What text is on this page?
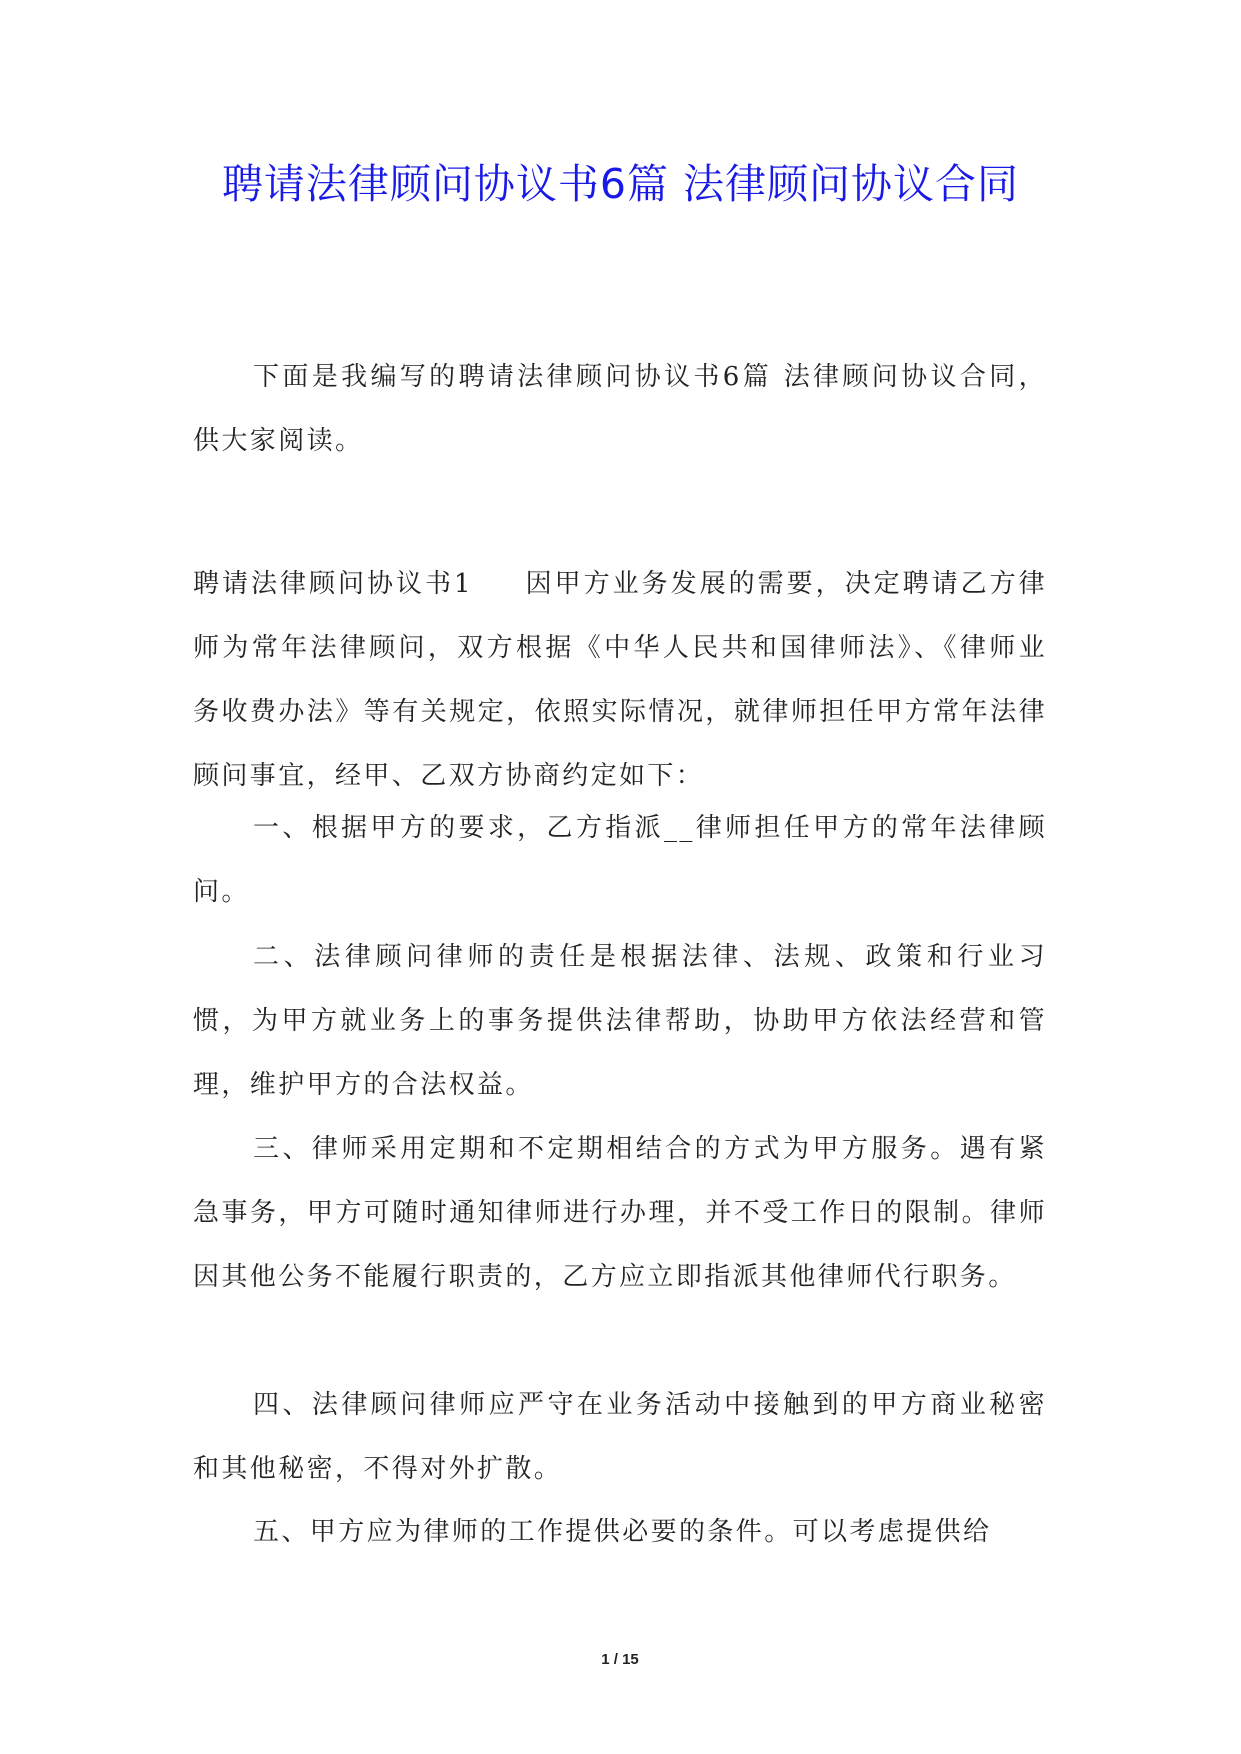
聘请法律顾问协议书6篇 法律顾问协议合同

下面是我编写的聘请法律顾问协议书6篇 法律顾问协议合同，供大家阅读。

聘请法律顾问协议书1 因甲方业务发展的需要，决定聘请乙方律师为常年法律顾问，双方根据《中华人民共和国律师法》、《律师业务收费办法》等有关规定，依照实际情况，就律师担任甲方常年法律顾问事宜，经甲、乙双方协商约定如下：

一、根据甲方的要求，乙方指派__律师担任甲方的常年法律顾问。

二、法律顾问律师的责任是根据法律、法规、政策和行业习惯，为甲方就业务上的事务提供法律帮助，协助甲方依法经营和管理，维护甲方的合法权益。

三、律师采用定期和不定期相结合的方式为甲方服务。遇有紧急事务，甲方可随时通知律师进行办理，并不受工作日的限制。律师因其他公务不能履行职责的，乙方应立即指派其他律师代行职务。

四、法律顾问律师应严守在业务活动中接触到的甲方商业秘密和其他秘密，不得对外扩散。

五、甲方应为律师的工作提供必要的条件。可以考虑提供给

1 / 15
